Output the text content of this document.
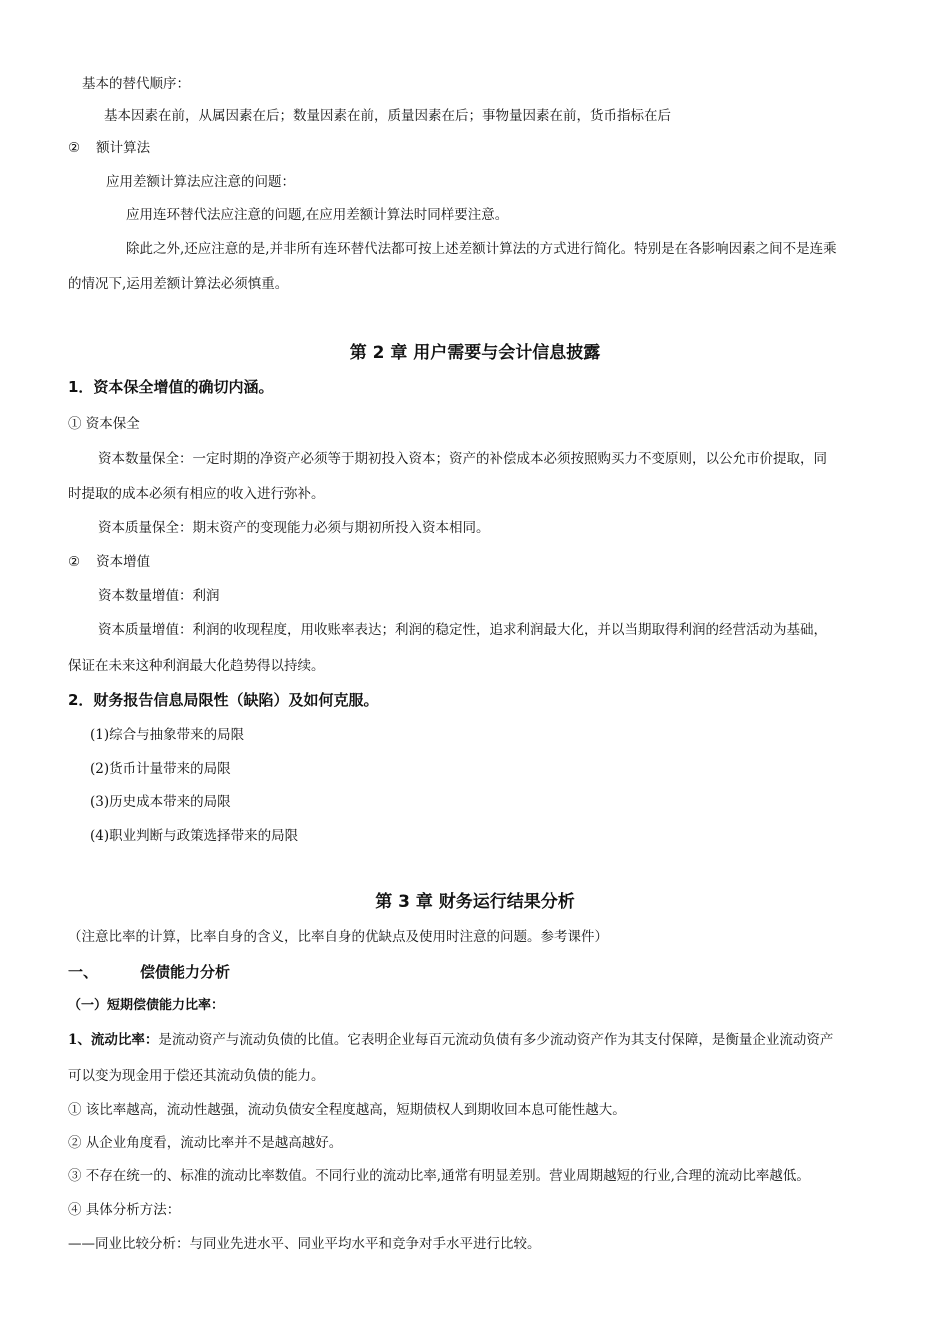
基本的替代顺序：
基本因素在前，从属因素在后；数量因素在前，质量因素在后；事物量因素在前，货币指标在后
② 额计算法
应用差额计算法应注意的问题：
应用连环替代法应注意的问题,在应用差额计算法时同样要注意。
除此之外,还应注意的是,并非所有连环替代法都可按上述差额计算法的方式进行简化。特别是在各影响因素之间不是连乘
的情况下,运用差额计算法必须慎重。
第 2 章 用户需要与会计信息披露
1．资本保全增值的确切内涵。
① 资本保全
资本数量保全：一定时期的净资产必须等于期初投入资本；资产的补偿成本必须按照购买力不变原则，以公允市价提取，同
时提取的成本必须有相应的收入进行弥补。
资本质量保全：期末资产的变现能力必须与期初所投入资本相同。
② 资本增值
资本数量增值：利润
资本质量增值：利润的收现程度，用收账率表达；利润的稳定性，追求利润最大化，并以当期取得利润的经营活动为基础，
保证在未来这种利润最大化趋势得以持续。
2．财务报告信息局限性（缺陷）及如何克服。
(1)综合与抽象带来的局限
(2)货币计量带来的局限
(3)历史成本带来的局限
(4)职业判断与政策选择带来的局限
第 3 章 财务运行结果分析
（注意比率的计算，比率自身的含义，比率自身的优缺点及使用时注意的问题。参考课件）
一、	偿债能力分析
（一）短期偿债能力比率：
1、流动比率：是流动资产与流动负债的比值。它表明企业每百元流动负债有多少流动资产作为其支付保障，是衡量企业流动资产
可以变为现金用于偿还其流动负债的能力。
① 该比率越高，流动性越强，流动负债安全程度越高，短期债权人到期收回本息可能性越大。
② 从企业角度看，流动比率并不是越高越好。
③ 不存在统一的、标准的流动比率数值。不同行业的流动比率,通常有明显差别。营业周期越短的行业,合理的流动比率越低。
④ 具体分析方法：
——同业比较分析：与同业先进水平、同业平均水平和竞争对手水平进行比较。
